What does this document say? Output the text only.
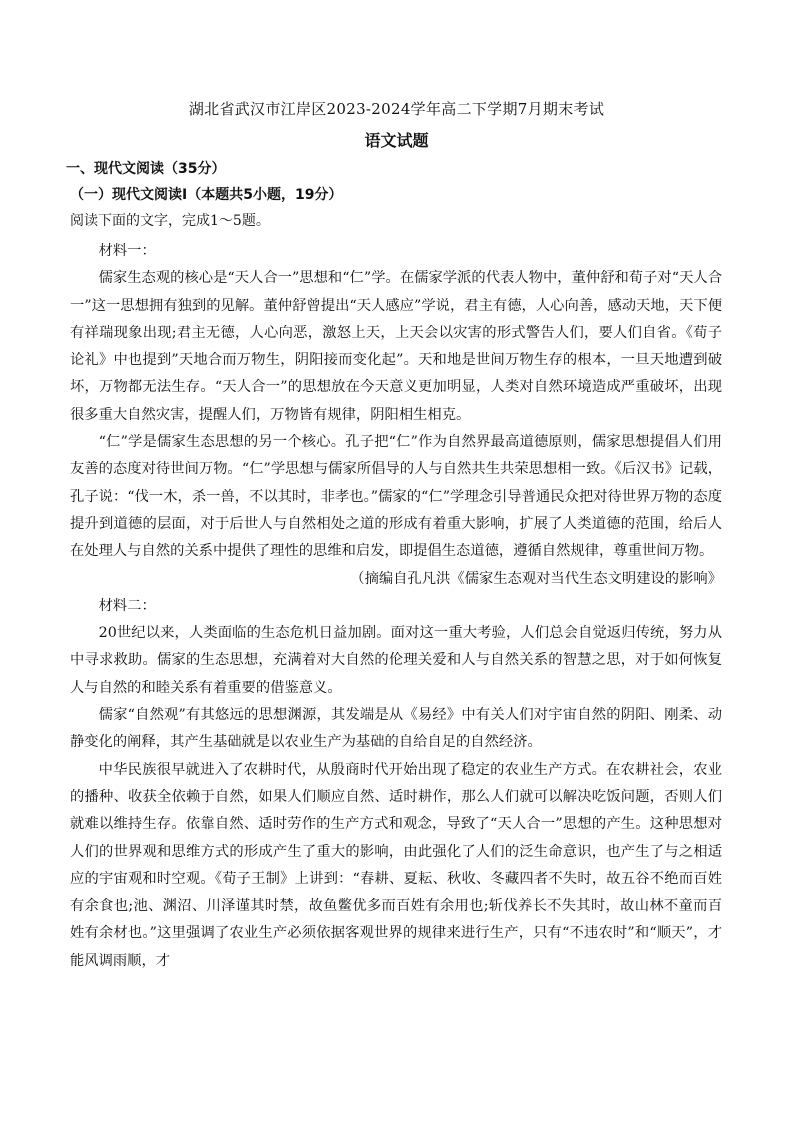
湖北省武汉市江岸区2023-2024学年高二下学期7月期末考试
语文试题
一、现代文阅读（35分）
（一）现代文阅读Ⅰ（本题共5小题，19分）
阅读下面的文字，完成1～5题。

材料一：

儒家生态观的核心是“天人合一”思想和“仁”学。在儒家学派的代表人物中，董仲舒和荀子对“天人合一”这一思想拥有独到的见解。董仲舒曾提出“天人感应”学说，君主有德，人心向善，感动天地，天下便有祥瑞现象出现;君主无德，人心向恶，激怒上天，上天会以灾害的形式警告人们，要人们自省。《荀子论礼》中也提到”天地合而万物生，阴阳接而变化起”。天和地是世间万物生存的根本，一旦天地遭到破坏，万物都无法生存。“天人合一”的思想放在今天意义更加明显，人类对自然环境造成严重破坏，出现很多重大自然灾害，提醒人们，万物皆有规律，阴阳相生相克。

“仁”学是儒家生态思想的另一个核心。孔子把“仁”作为自然界最高道德原则，儒家思想提倡人们用友善的态度对待世间万物。“仁”学思想与儒家所倡导的人与自然共生共荣思想相一致。《后汉书》记载，孔子说：“伐一木，杀一兽，不以其时，非孝也。”儒家的“仁”学理念引导普通民众把对待世界万物的态度提升到道德的层面，对于后世人与自然相处之道的形成有着重大影响，扩展了人类道德的范围，给后人在处理人与自然的关系中提供了理性的思维和启发，即提倡生态道德，遵循自然规律，尊重世间万物。

（摘编自孔凡洪《儒家生态观对当代生态文明建设的影响》

材料二：

20世纪以来，人类面临的生态危机日益加剧。面对这一重大考验，人们总会自觉返归传统，努力从中寻求救助。儒家的生态思想，充满着对大自然的伦理关爱和人与自然关系的智慧之思，对于如何恢复人与自然的和睦关系有着重要的借鉴意义。

儒家“自然观”有其悠远的思想渊源，其发端是从《易经》中有关人们对宇宙自然的阴阳、刚柔、动静变化的阐释，其产生基础就是以农业生产为基础的自给自足的自然经济。

中华民族很早就进入了农耕时代，从殷商时代开始出现了稳定的农业生产方式。在农耕社会，农业的播种、收获全依赖于自然，如果人们顺应自然、适时耕作，那么人们就可以解决吃饭问题，否则人们就难以维持生存。依靠自然、适时劳作的生产方式和观念，导致了“天人合一”思想的产生。这种思想对人们的世界观和思维方式的形成产生了重大的影响，由此强化了人们的泛生命意识，也产生了与之相适应的宇宙观和时空观。《荀子王制》上讲到：“春耕、夏耘、秋收、冬藏四者不失时，故五谷不绝而百姓有余食也;池、渊沼、川泽谨其时禁，故鱼鳖优多而百姓有余用也;斩伐养长不失其时，故山林不童而百姓有余材也。”这里强调了农业生产必须依据客观世界的规律来进行生产，只有“不违农时”和“顺天”，才能风调雨顺，才
